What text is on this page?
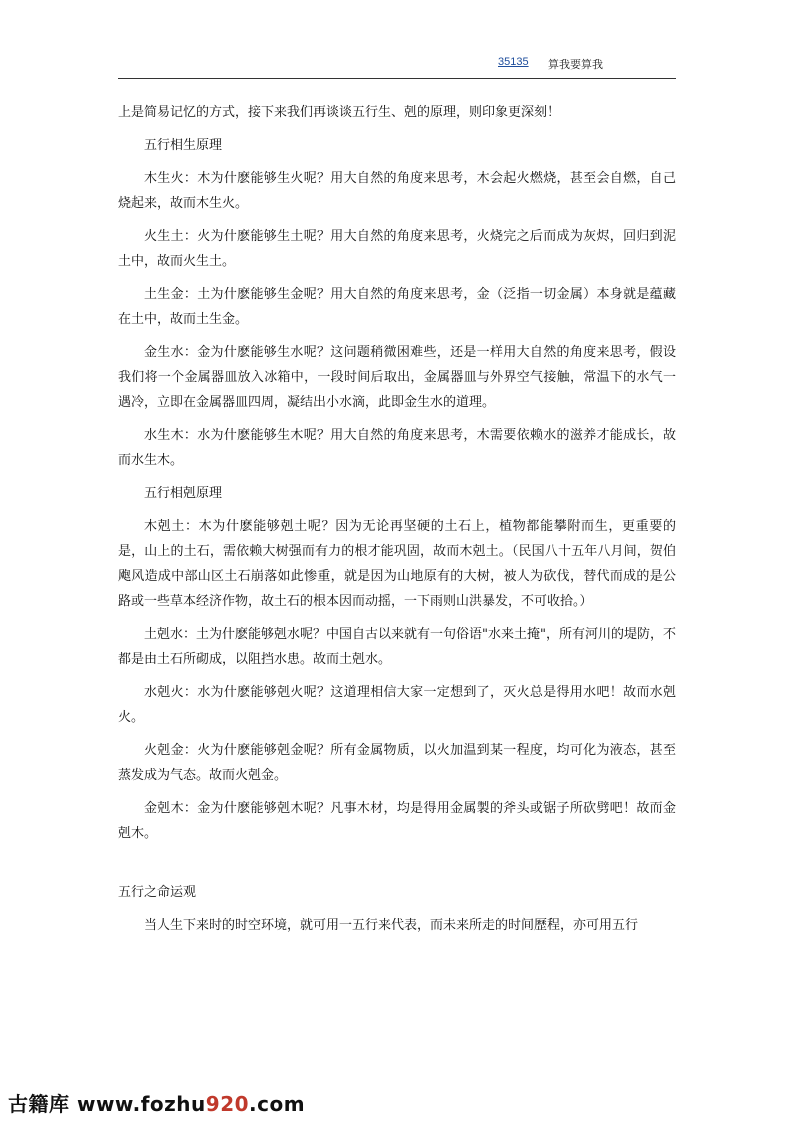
35135 算我要算我

上是简易记忆的方式，接下来我们再谈谈五行生、剋的原理，则印象更深刻！

五行相生原理

木生火：木为什麽能够生火呢？用大自然的角度来思考，木会起火燃烧，甚至会自燃，自己烧起来，故而木生火。

火生土：火为什麽能够生土呢？用大自然的角度来思考，火烧完之后而成为灰烬，回归到泥土中，故而火生土。

土生金：土为什麽能够生金呢？用大自然的角度来思考，金（泛指一切金属）本身就是蕴藏在土中，故而土生金。

金生水：金为什麽能够生水呢？这问题稍微困难些，还是一样用大自然的角度来思考，假设我们将一个金属器皿放入冰箱中，一段时间后取出，金属器皿与外界空气接触，常温下的水气一遇冷，立即在金属器皿四周，凝结出小水滴，此即金生水的道理。

水生木：水为什麽能够生木呢？用大自然的角度来思考，木需要依赖水的滋养才能成长，故而水生木。

五行相剋原理

木剋土：木为什麽能够剋土呢？因为无论再坚硬的土石上，植物都能攀附而生，更重要的是，山上的土石，需依赖大树强而有力的根才能巩固，故而木剋土。（民国八十五年八月间，贺伯飑风造成中部山区土石崩落如此惨重，就是因为山地原有的大树，被人为砍伐，替代而成的是公路或一些草本经济作物，故土石的根本因而动摇，一下雨则山洪暴发，不可收拾。）

土剋水：土为什麽能够剋水呢？中国自古以来就有一句俗语"水来土掩"，所有河川的堤防，不都是由土石所砌成，以阻挡水患。故而土剋水。

水剋火：水为什麽能够剋火呢？这道理相信大家一定想到了，灭火总是得用水吧！故而水剋火。

火剋金：火为什麽能够剋金呢？所有金属物质，以火加温到某一程度，均可化为液态，甚至蒸发成为气态。故而火剋金。

金剋木：金为什麽能够剋木呢？凡事木材，均是得用金属製的斧头或锯子所砍劈吧！故而金剋木。

五行之命运观

当人生下来时的时空环境，就可用一五行来代表，而未来所走的时间歷程，亦可用五行

古籍库 www.fozhu920.com
